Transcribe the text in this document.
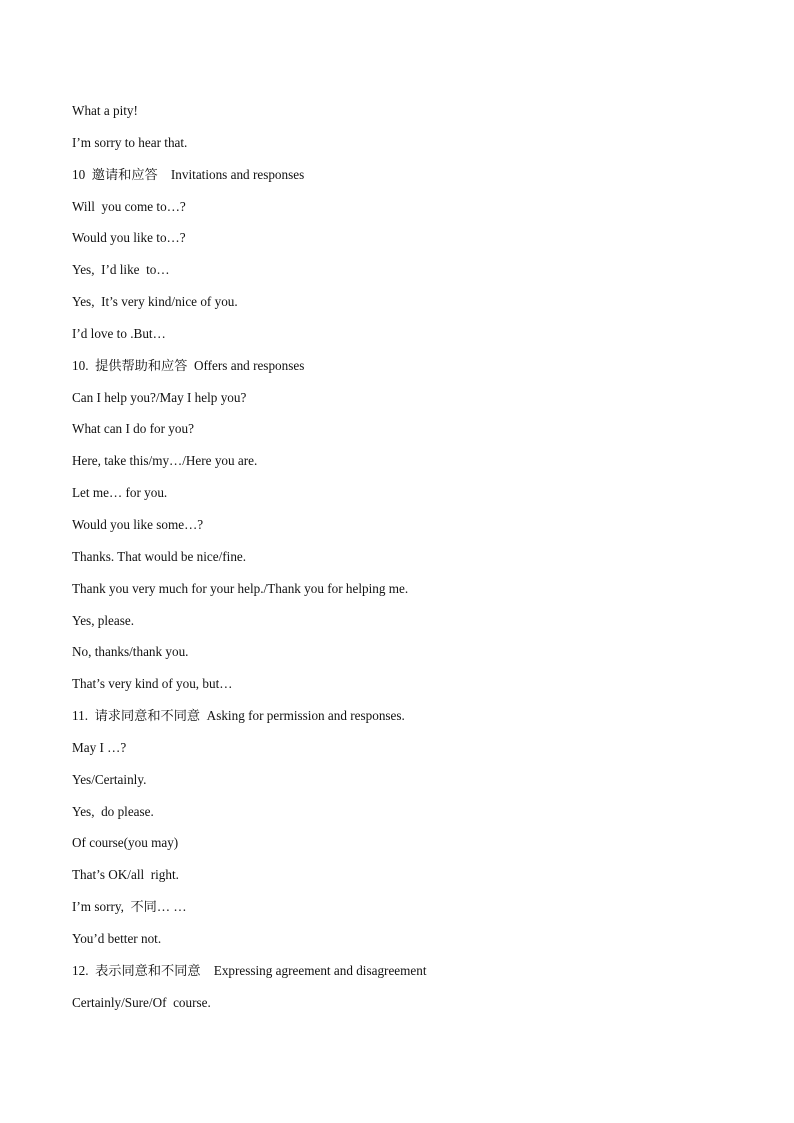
What a pity!
I’m sorry to hear that.
10  邀请和应答    Invitations and responses
Will  you come to…?
Would you like to…?
Yes,  I’d like  to…
Yes,  It’s very kind/nice of you.
I’d love to .But…
10.  提供帮助和应答  Offers and responses
Can I help you?/May I help you?
What can I do for you?
Here, take this/my…/Here you are.
Let me… for you.
Would you like some…?
Thanks. That would be nice/fine.
Thank you very much for your help./Thank you for helping me.
Yes, please.
No, thanks/thank you.
That’s very kind of you, but…
11.  请求同意和不同意  Asking for permission and responses.
May I …?
Yes/Certainly.
Yes,  do please.
Of course(you may)
That’s OK/all  right.
I’m sorry,  不同… …
You’d better not.
12.  表示同意和不同意    Expressing agreement and disagreement
Certainly/Sure/Of  course.
